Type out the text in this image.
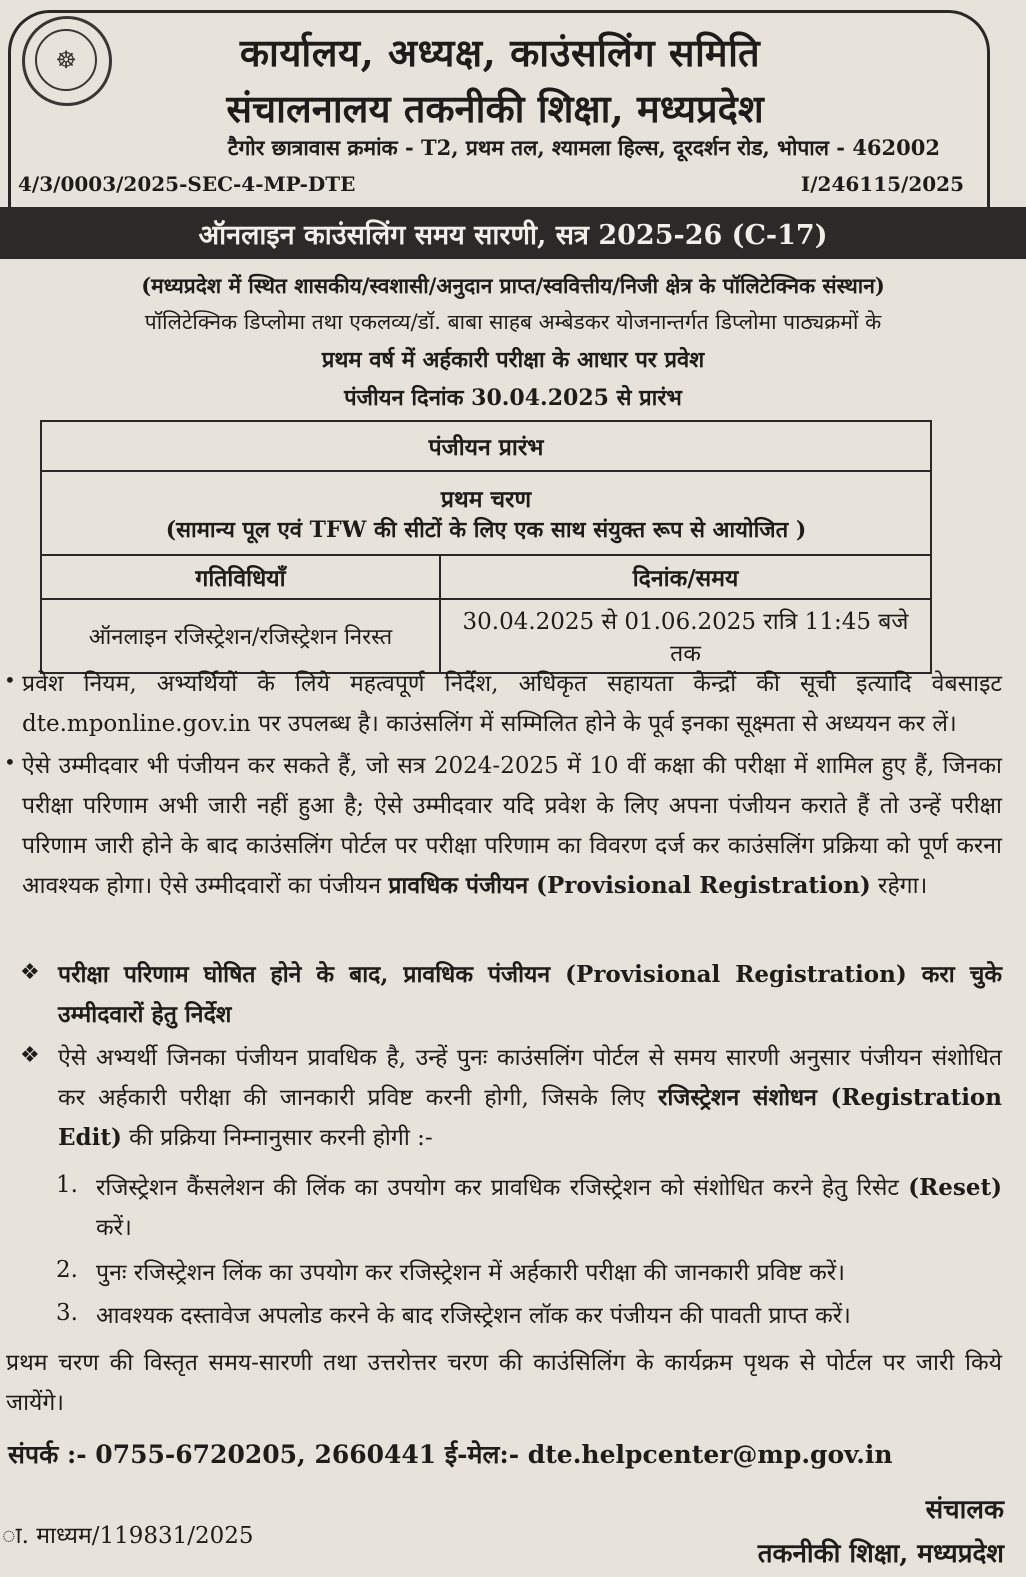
☸	कार्यालय, अध्यक्ष, काउंसलिंग समिति
संचालनालय तकनीकी शिक्षा, मध्यप्रदेश
टैगोर छात्रावास क्रमांक - T2, प्रथम तल, श्यामला हिल्स, दूरदर्शन रोड, भोपाल - 462002
4/3/0003/2025-SEC-4-MP-DTE	I/246115/2025
ऑनलाइन काउंसलिंग समय सारणी, सत्र 2025-26 (C-17)
(मध्यप्रदेश में स्थित शासकीय/स्वशासी/अनुदान प्राप्त/स्ववित्तीय/निजी क्षेत्र के पॉलिटेक्निक संस्थान)
पॉलिटेक्निक डिप्लोमा तथा एकलव्य/डॉ. बाबा साहब अम्बेडकर योजनान्तर्गत डिप्लोमा पाठ्यक्रमों के
प्रथम वर्ष में अर्हकारी परीक्षा के आधार पर प्रवेश
पंजीयन दिनांक 30.04.2025 से प्रारंभ
पंजीयन प्रारंभ	

प्रथम चरण
(सामान्य पूल एवं TFW की सीटों के लिए एक साथ संयुक्त रूप से आयोजित )	

गतिविधियाँ	दिनांक/समय
ऑनलाइन रजिस्ट्रेशन/रजिस्ट्रेशन निरस्त	30.04.2025 से 01.06.2025 रात्रि 11:45 बजे तक
• प्रवेश नियम, अभ्यर्थियों के लिये महत्वपूर्ण निर्देश, अधिकृत सहायता केन्द्रों की सूची इत्यादि वेबसाइट dte.mponline.gov.in पर उपलब्ध है। काउंसलिंग में सम्मिलित होने के पूर्व इनका सूक्ष्मता से अध्ययन कर लें।
• ऐसे उम्मीदवार भी पंजीयन कर सकते हैं, जो सत्र 2024-2025 में 10 वीं कक्षा की परीक्षा में शामिल हुए हैं, जिनका परीक्षा परिणाम अभी जारी नहीं हुआ है; ऐसे उम्मीदवार यदि प्रवेश के लिए अपना पंजीयन कराते हैं तो उन्हें परीक्षा परिणाम जारी होने के बाद काउंसलिंग पोर्टल पर परीक्षा परिणाम का विवरण दर्ज कर काउंसलिंग प्रक्रिया को पूर्ण करना आवश्यक होगा। ऐसे उम्मीदवारों का पंजीयन प्रावधिक पंजीयन (Provisional Registration) रहेगा।
❖ परीक्षा परिणाम घोषित होने के बाद, प्रावधिक पंजीयन (Provisional Registration) करा चुके उम्मीदवारों हेतु निर्देश
❖ ऐसे अभ्यर्थी जिनका पंजीयन प्रावधिक है, उन्हें पुनः काउंसलिंग पोर्टल से समय सारणी अनुसार पंजीयन संशोधित कर अर्हकारी परीक्षा की जानकारी प्रविष्ट करनी होगी, जिसके लिए रजिस्ट्रेशन संशोधन (Registration Edit) की प्रक्रिया निम्नानुसार करनी होगी :-
1. रजिस्ट्रेशन कैंसलेशन की लिंक का उपयोग कर प्रावधिक रजिस्ट्रेशन को संशोधित करने हेतु रिसेट (Reset) करें।
2. पुनः रजिस्ट्रेशन लिंक का उपयोग कर रजिस्ट्रेशन में अर्हकारी परीक्षा की जानकारी प्रविष्ट करें।
3. आवश्यक दस्तावेज अपलोड करने के बाद रजिस्ट्रेशन लॉक कर पंजीयन की पावती प्राप्त करें।
प्रथम चरण की विस्तृत समय-सारणी तथा उत्तरोत्तर चरण की काउंसिलिंग के कार्यक्रम पृथक से पोर्टल पर जारी किये जायेंगे।
संपर्क :- 0755-6720205, 2660441 ई-मेल:- dte.helpcenter@mp.gov.in
ा. माध्यम/119831/2025
संचालक
तकनीकी शिक्षा, मध्यप्रदेश
